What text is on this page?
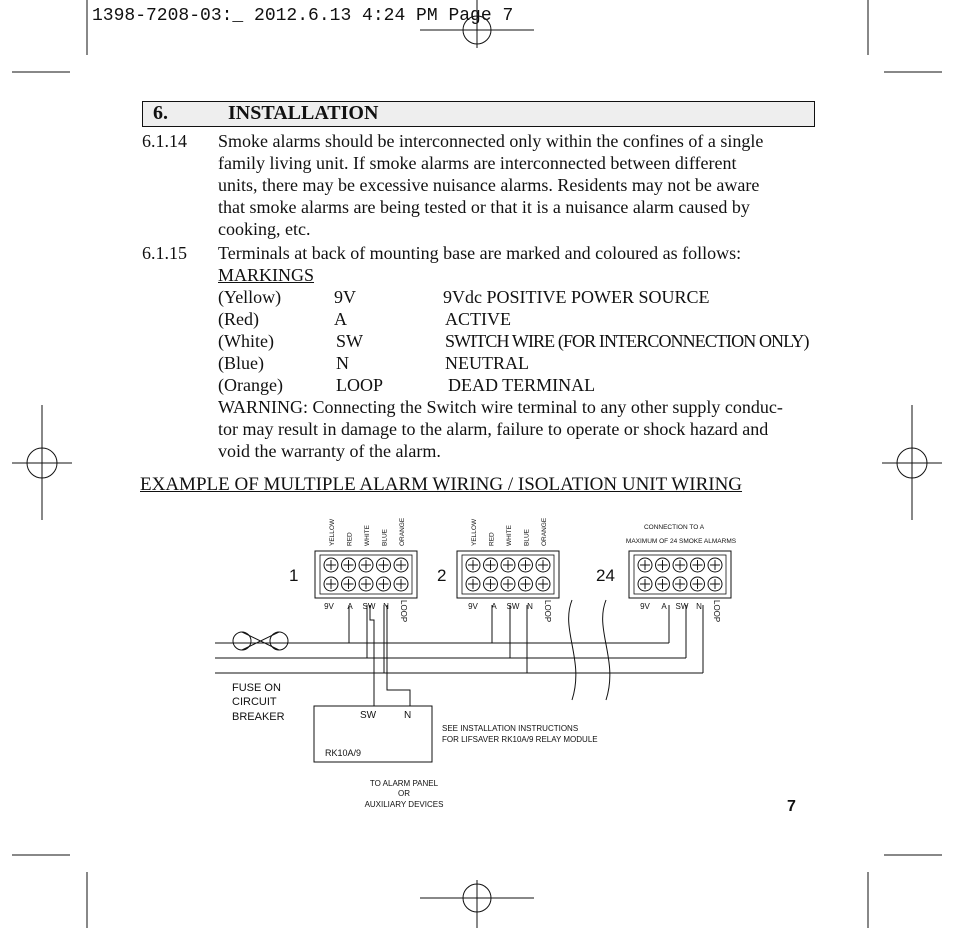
1398-7208-03:_ 2012.6.13 4:24 PM Page 7
6.	INSTALLATION
6.1.14 Smoke alarms should be interconnected only within the confines of a single
family living unit. If smoke alarms are interconnected between different
units, there may be excessive nuisance alarms. Residents may not be aware
that smoke alarms are being tested or that it is a nuisance alarm caused by
cooking, etc.
6.1.15 Terminals at back of mounting base are marked and coloured as follows:
MARKINGS
(Yellow)	9V	9Vdc POSITIVE POWER SOURCE
(Red)	A	ACTIVE
(White)	SW	SWITCH WIRE (FOR INTERCONNECTION ONLY)
(Blue)	N	NEUTRAL
(Orange)	LOOP	DEAD TERMINAL
WARNING: Connecting the Switch wire terminal to any other supply conduc-
tor may result in damage to the alarm, failure to operate or shock hazard and
void the warranty of the alarm.
EXAMPLE OF MULTIPLE ALARM WIRING / ISOLATION UNIT WIRING
1
YELLOW RED WHITE BLUE ORANGE
9V A SW N LOOP
2
YELLOW RED WHITE BLUE ORANGE
9V A SW N LOOP
24
9V A SW N LOOP
FUSE ON
CIRCUIT
BREAKER	SW	N
RK10A/9
SEE INSTALLATION INSTRUCTIONS
FOR LIFSAVER RK10A/9 RELAY MODULE
TO ALARM PANEL
OR
AUXILIARY DEVICES
CONNECTION TO A
MAXIMUM OF 24 SMOKE ALMARMS
7
